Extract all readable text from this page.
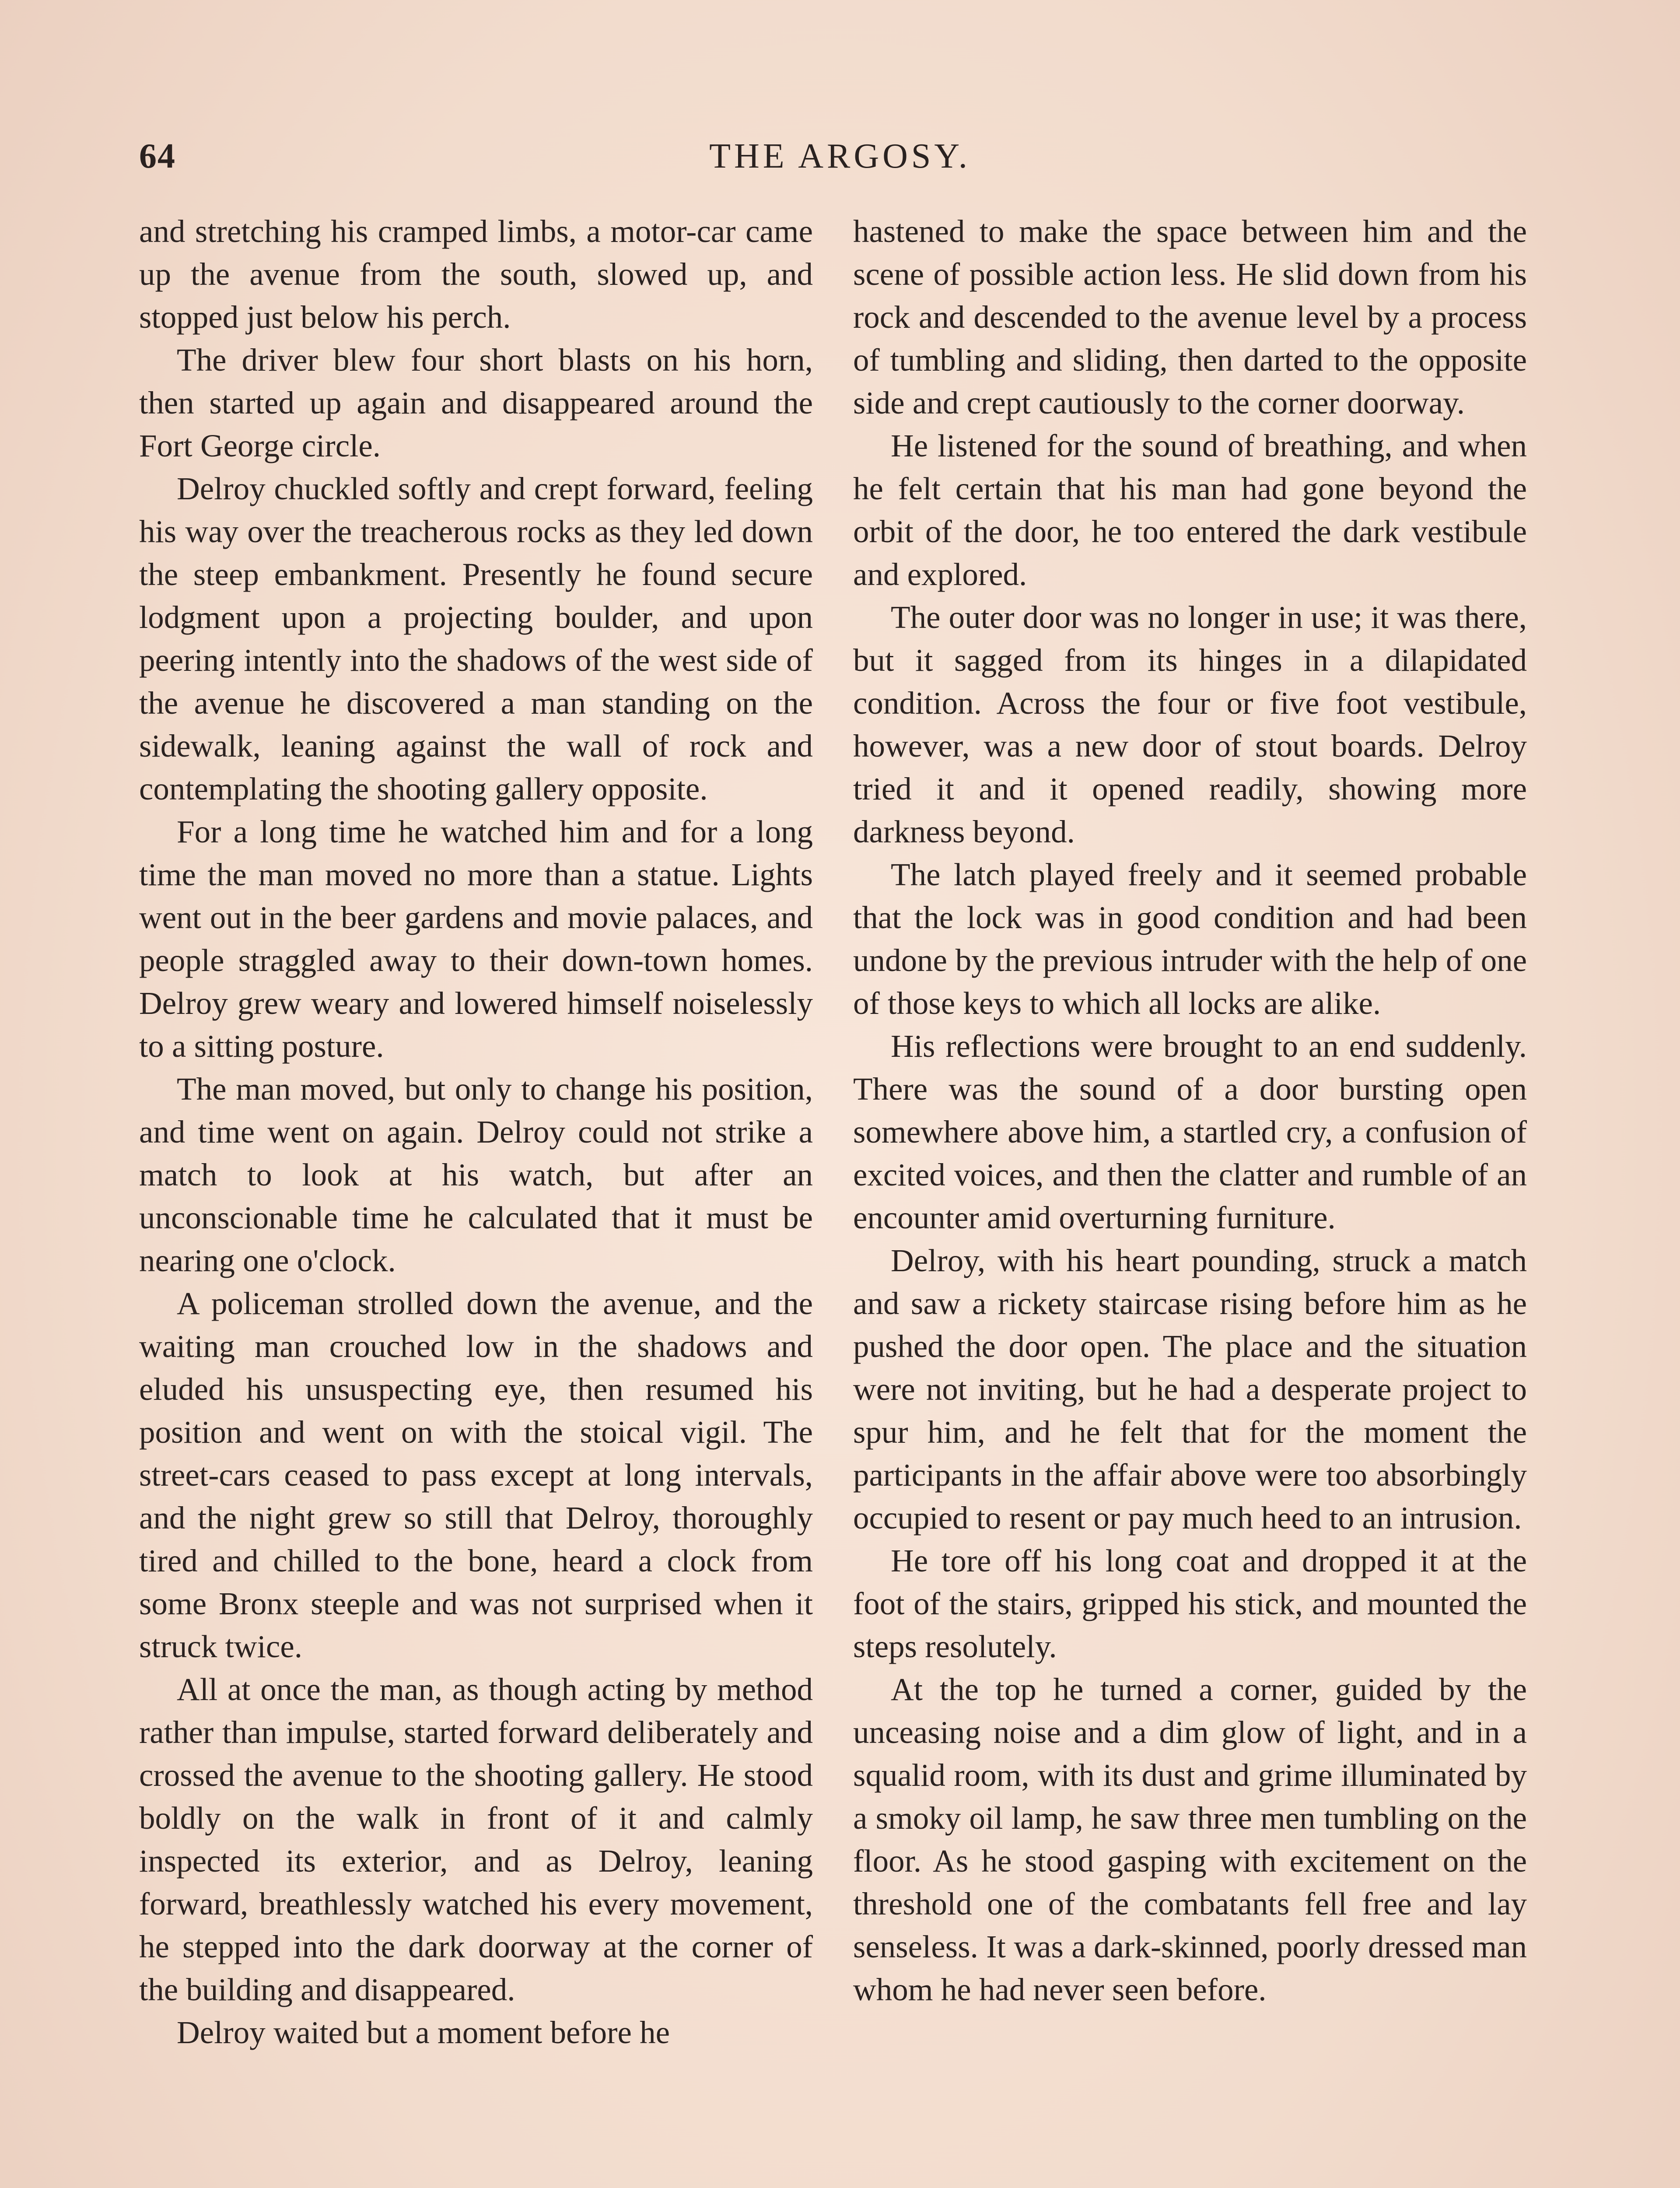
64	THE ARGOSY.

and stretching his cramped limbs, a motor-car came up the avenue from the south, slowed up, and stopped just below his perch.

The driver blew four short blasts on his horn, then started up again and disappeared around the Fort George circle.

Delroy chuckled softly and crept forward, feeling his way over the treacherous rocks as they led down the steep embankment. Presently he found secure lodgment upon a projecting boulder, and upon peering intently into the shadows of the west side of the avenue he discovered a man standing on the sidewalk, leaning against the wall of rock and contemplating the shooting gallery opposite.

For a long time he watched him and for a long time the man moved no more than a statue. Lights went out in the beer gardens and movie palaces, and people straggled away to their down-town homes. Delroy grew weary and lowered himself noiselessly to a sitting posture.

The man moved, but only to change his position, and time went on again. Delroy could not strike a match to look at his watch, but after an unconscionable time he calculated that it must be nearing one o'clock.

A policeman strolled down the avenue, and the waiting man crouched low in the shadows and eluded his unsuspecting eye, then resumed his position and went on with the stoical vigil. The street-cars ceased to pass except at long intervals, and the night grew so still that Delroy, thoroughly tired and chilled to the bone, heard a clock from some Bronx steeple and was not surprised when it struck twice.

All at once the man, as though acting by method rather than impulse, started forward deliberately and crossed the avenue to the shooting gallery. He stood boldly on the walk in front of it and calmly inspected its exterior, and as Delroy, leaning forward, breathlessly watched his every movement, he stepped into the dark doorway at the corner of the building and disappeared.

Delroy waited but a moment before he

hastened to make the space between him and the scene of possible action less. He slid down from his rock and descended to the avenue level by a process of tumbling and sliding, then darted to the opposite side and crept cautiously to the corner doorway.

He listened for the sound of breathing, and when he felt certain that his man had gone beyond the orbit of the door, he too entered the dark vestibule and explored.

The outer door was no longer in use; it was there, but it sagged from its hinges in a dilapidated condition. Across the four or five foot vestibule, however, was a new door of stout boards. Delroy tried it and it opened readily, showing more darkness beyond.

The latch played freely and it seemed probable that the lock was in good condition and had been undone by the previous intruder with the help of one of those keys to which all locks are alike.

His reflections were brought to an end suddenly. There was the sound of a door bursting open somewhere above him, a startled cry, a confusion of excited voices, and then the clatter and rumble of an encounter amid overturning furniture.

Delroy, with his heart pounding, struck a match and saw a rickety staircase rising before him as he pushed the door open. The place and the situation were not inviting, but he had a desperate project to spur him, and he felt that for the moment the participants in the affair above were too absorbingly occupied to resent or pay much heed to an intrusion.

He tore off his long coat and dropped it at the foot of the stairs, gripped his stick, and mounted the steps resolutely.

At the top he turned a corner, guided by the unceasing noise and a dim glow of light, and in a squalid room, with its dust and grime illuminated by a smoky oil lamp, he saw three men tumbling on the floor. As he stood gasping with excitement on the threshold one of the combatants fell free and lay senseless. It was a dark-skinned, poorly dressed man whom he had never seen before.
